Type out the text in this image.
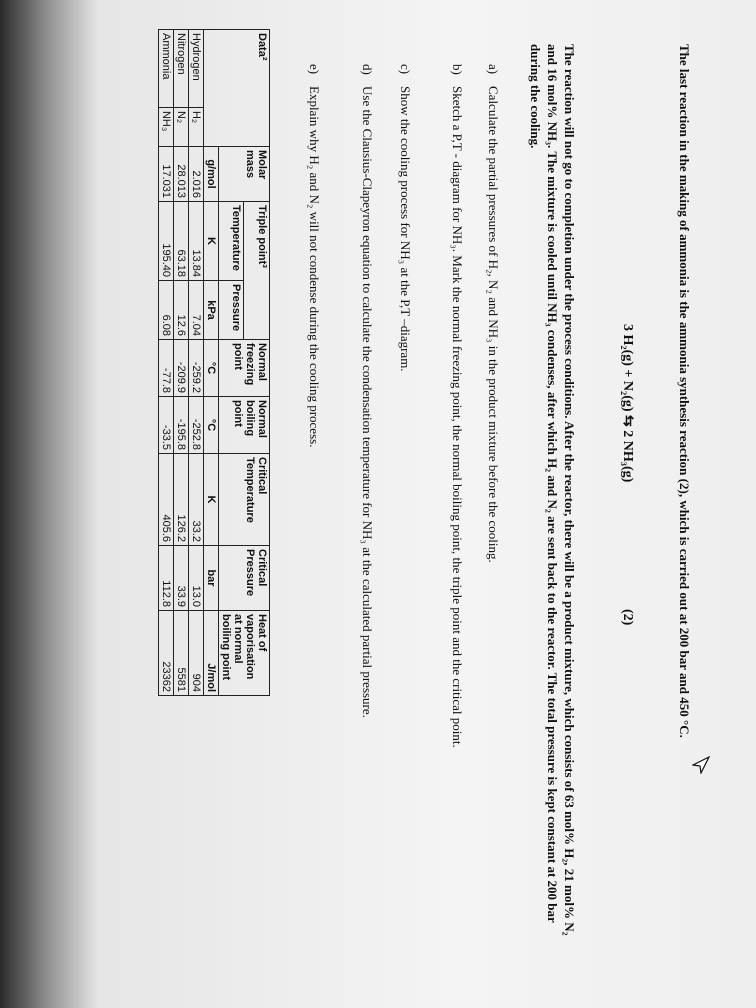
The last reaction in the making of ammonia is the ammonia synthesis reaction (2), which is carried out at 200 bar and 450 °C.
3 H₂(g) + N₂(g) ⇆ 2 NH₃(g)
(2)
The reaction will not go to completion under the process conditions. After the reactor, there will be a product mixture, which consists of 63 mol% H₂, 21 mol% N₂ and 16 mol% NH₃. The mixture is cooled until NH₃ condenses, after which H₂ and N₂ are sent back to the reactor. The total pressure is kept constant at 200 bar during the cooling.
a)
Calculate the partial pressures of H₂, N₂ and NH₃ in the product mixture before the cooling.
b)
Sketch a P,T - diagram for NH₃. Mark the normal freezing point, the normal boiling point, the triple point and the critical point.
c)
Show the cooling process for NH₃ at the P,T –diagram.
d)
Use the Clausius-Clapeyron equation to calculate the condensation temperature for NH₃ at the calculated partial pressure.
e)
Explain why H₂ and N₂ will not condense during the cooling process.
Data²		Molar mass	Triple point³		Normal freezing point	Normal boiling point	Critical Temperature	Critical Pressure	Heat of vaporisation at normal boiling point
			Temperature	Pressure					
		g/mol	K	kPa	°C	°C	K	bar	J/mol
Hydrogen	H₂	2.016	13.84	7.04	-259.2	-252.8	33.2	13.0	904
Nitrogen	N₂	28.013	63.18	12.6	-209.9	-195.8	126.2	33.9	5581
Ammonia	NH₃	17.031	195.40	6.08	-77.8	-33.5	405.6	112.8	23362
